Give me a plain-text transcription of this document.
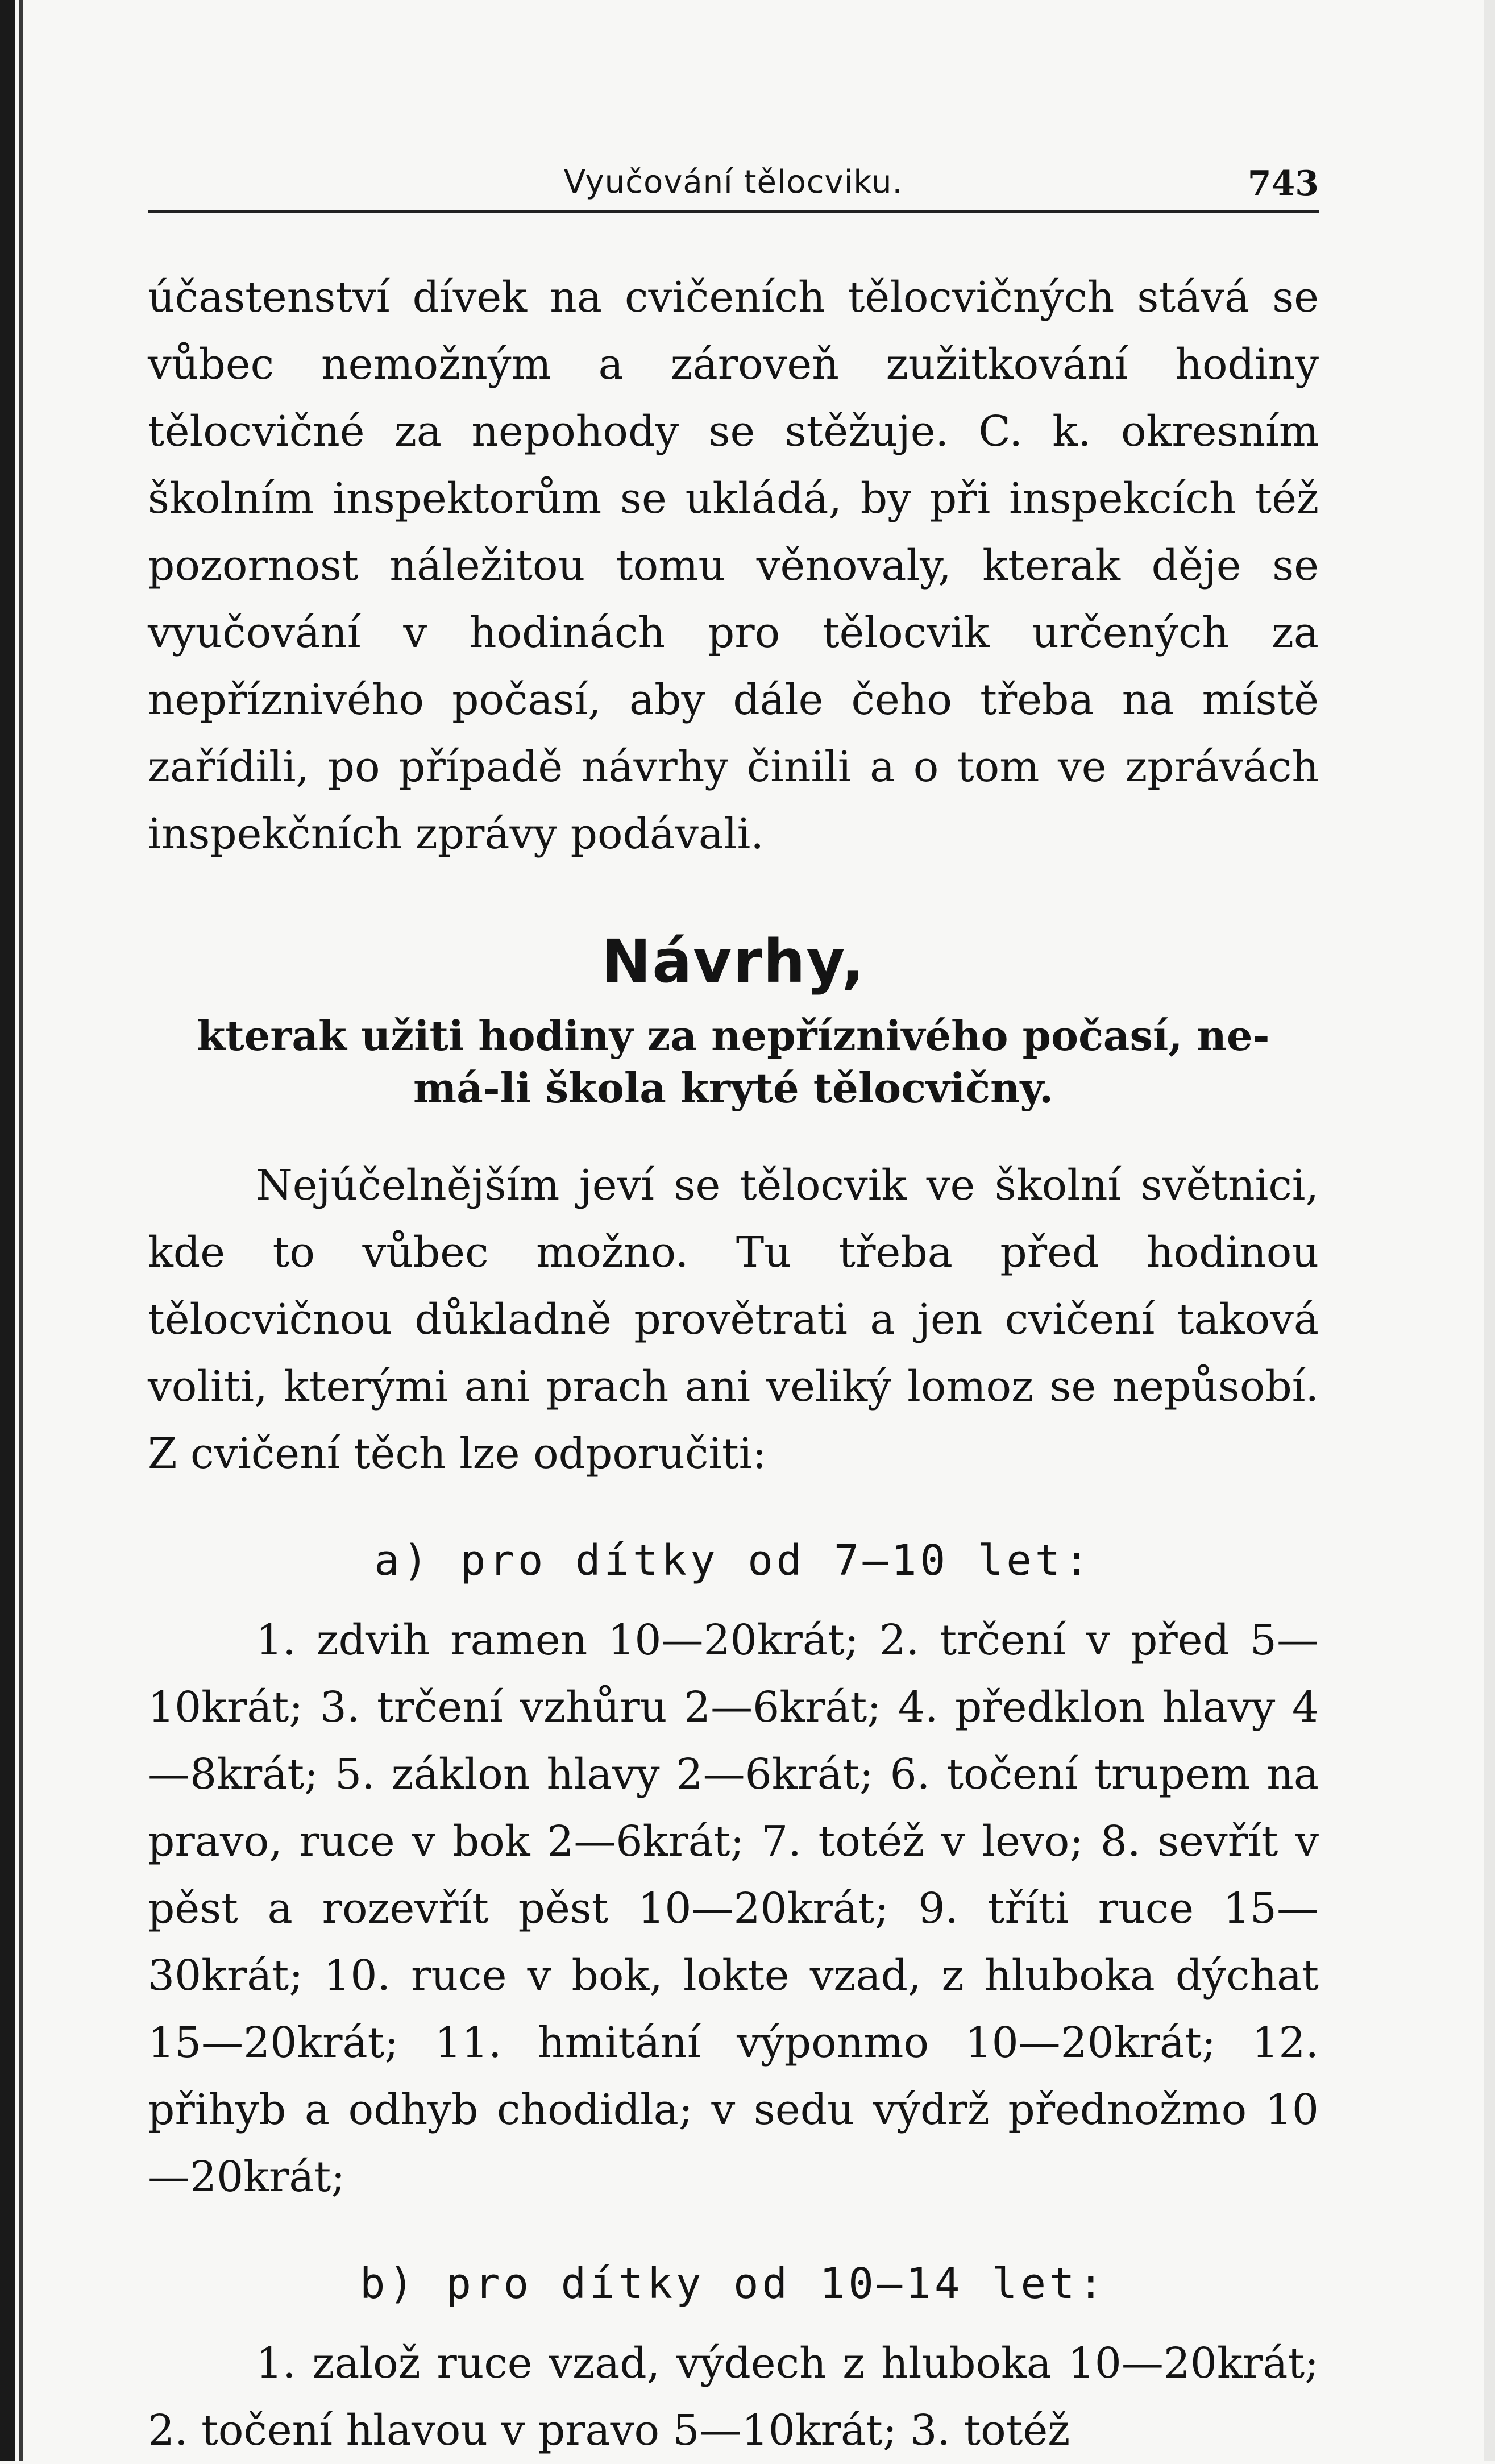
Vyučování tělocviku.	743

účastenství dívek na cvičeních tělocvičných stává se vůbec nemožným a zároveň zužitkování hodiny tělocvičné za nepohody se stěžuje. C. k. okresním školním inspektorům se ukládá, by při inspekcích též pozornost náležitou tomu věnovaly, kterak děje se vyučování v hodinách pro tělocvik určených za nepříznivého počasí, aby dále čeho třeba na místě zařídili, po případě návrhy činili a o tom ve zprávách inspekčních zprávy podávali.

Návrhy,
kterak užiti hodiny za nepříznivého počasí, ne-
má-li škola kryté tělocvičny.

Nejúčelnějším jeví se tělocvik ve školní světnici, kde to vůbec možno. Tu třeba před hodinou tělocvičnou důkladně provětrati a jen cvičení taková voliti, kterými ani prach ani veliký lomoz se nepůsobí. Z cvičení těch lze odporučiti:

a) pro dítky od 7—10 let:

1. zdvih ramen 10—20krát; 2. trčení v před 5—10krát; 3. trčení vzhůru 2—6krát; 4. předklon hlavy 4—8krát; 5. záklon hlavy 2—6krát; 6. točení trupem na pravo, ruce v bok 2—6krát; 7. totéž v levo; 8. sevřít v pěst a rozevřít pěst 10—20krát; 9. tříti ruce 15—30krát; 10. ruce v bok, lokte vzad, z hluboka dýchat 15—20krát; 11. hmitání výponmo 10—20krát; 12. přihyb a odhyb chodidla; v sedu výdrž přednožmo 10—20krát;

b) pro dítky od 10—14 let:

1. založ ruce vzad, výdech z hluboka 10—20krát; 2. točení hlavou v pravo 5—10krát; 3. totéž
